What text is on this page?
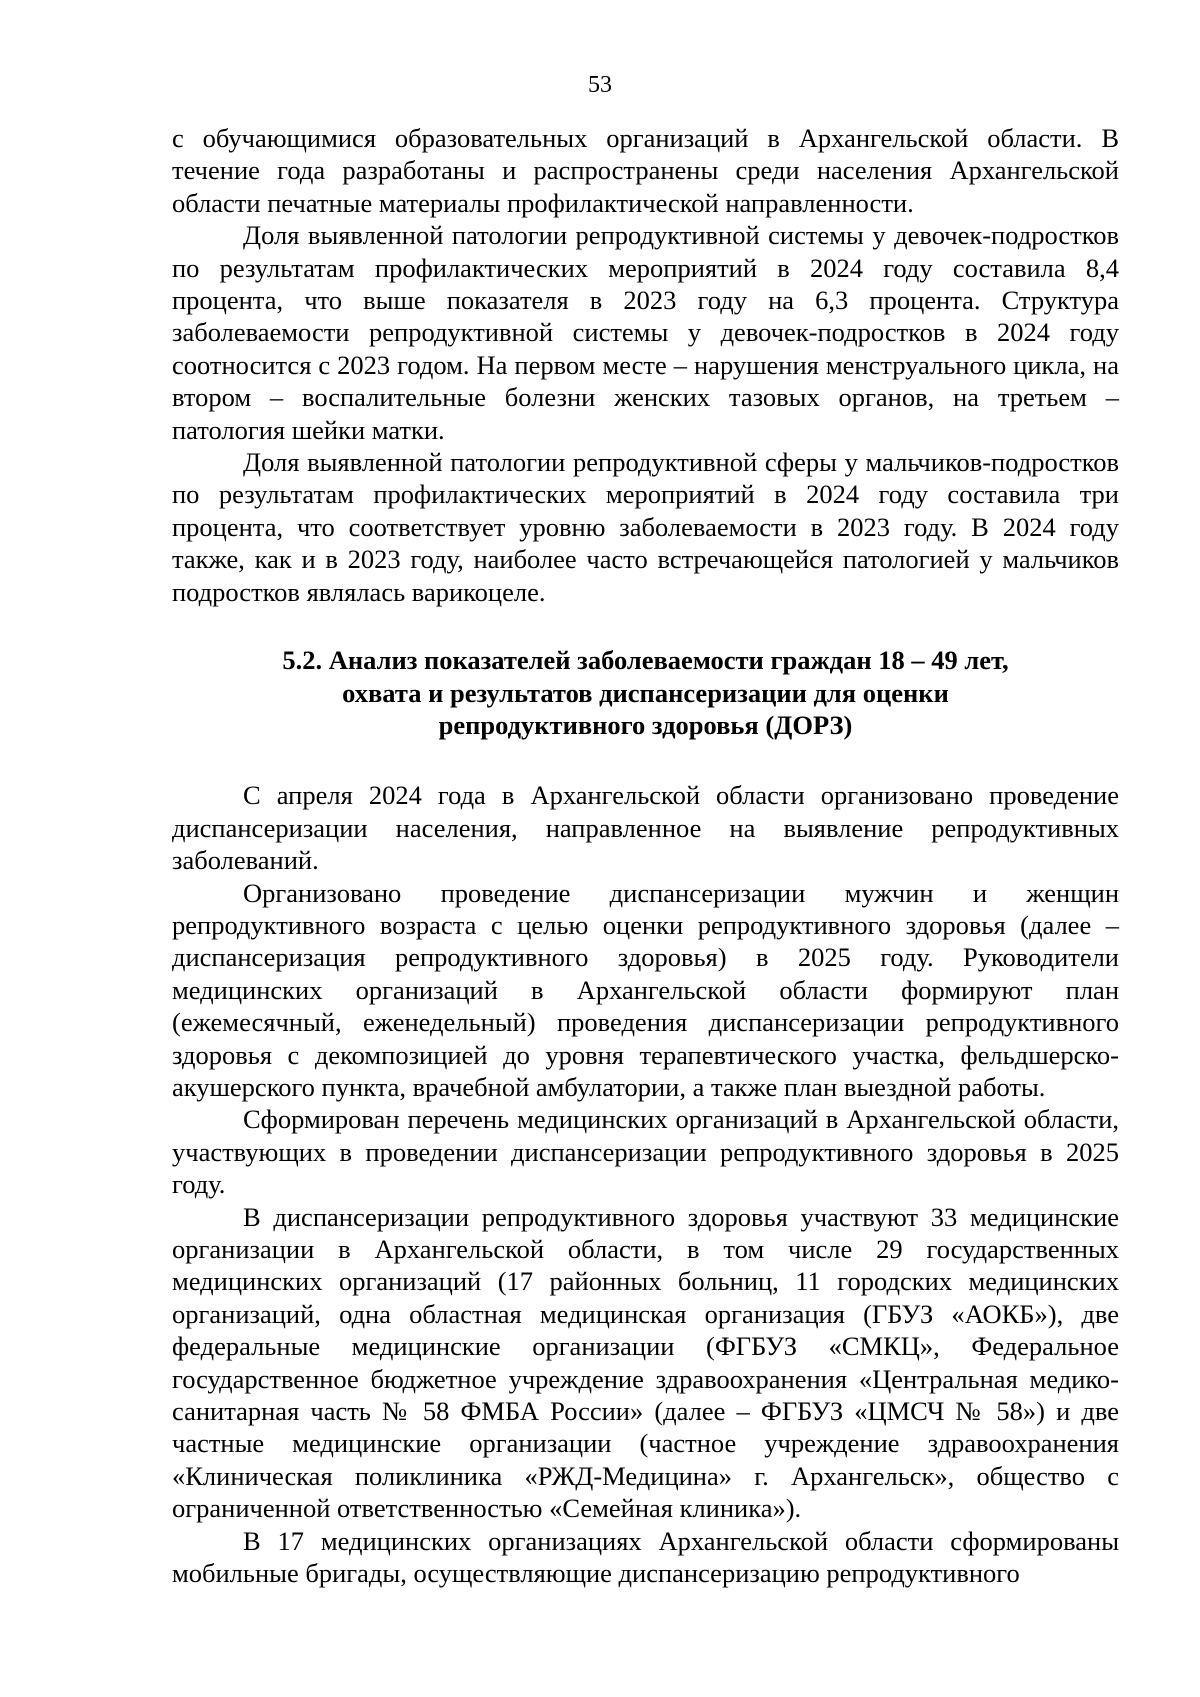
53

с обучающимися образовательных организаций в Архангельской области. В течение года разработаны и распространены среди населения Архангельской области печатные материалы профилактической направленности.

Доля выявленной патологии репродуктивной системы у девочек-подростков по результатам профилактических мероприятий в 2024 году составила 8,4 процента, что выше показателя в 2023 году на 6,3 процента. Структура заболеваемости репродуктивной системы у девочек-подростков в 2024 году соотносится с 2023 годом. На первом месте – нарушения менструального цикла, на втором – воспалительные болезни женских тазовых органов, на третьем – патология шейки матки.

Доля выявленной патологии репродуктивной сферы у мальчиков-подростков по результатам профилактических мероприятий в 2024 году составила три процента, что соответствует уровню заболеваемости в 2023 году. В 2024 году также, как и в 2023 году, наиболее часто встречающейся патологией у мальчиков подростков являлась варикоцеле.

5.2. Анализ показателей заболеваемости граждан 18 – 49 лет,
охвата и результатов диспансеризации для оценки
репродуктивного здоровья (ДОРЗ)

С апреля 2024 года в Архангельской области организовано проведение диспансеризации населения, направленное на выявление репродуктивных заболеваний.

Организовано проведение диспансеризации мужчин и женщин репродуктивного возраста с целью оценки репродуктивного здоровья (далее – диспансеризация репродуктивного здоровья) в 2025 году. Руководители медицинских организаций в Архангельской области формируют план (ежемесячный, еженедельный) проведения диспансеризации репродуктивного здоровья с декомпозицией до уровня терапевтического участка, фельдшерско-акушерского пункта, врачебной амбулатории, а также план выездной работы.

Сформирован перечень медицинских организаций в Архангельской области, участвующих в проведении диспансеризации репродуктивного здоровья в 2025 году.

В диспансеризации репродуктивного здоровья участвуют 33 медицинские организации в Архангельской области, в том числе 29 государственных медицинских организаций (17 районных больниц, 11 городских медицинских организаций, одна областная медицинская организация (ГБУЗ «АОКБ»), две федеральные медицинские организации (ФГБУЗ «СМКЦ», Федеральное государственное бюджетное учреждение здравоохранения «Центральная медико-санитарная часть № 58 ФМБА России» (далее – ФГБУЗ «ЦМСЧ № 58») и две частные медицинские организации (частное учреждение здравоохранения «Клиническая поликлиника «РЖД-Медицина» г. Архангельск», общество с ограниченной ответственностью «Семейная клиника»).

В 17 медицинских организациях Архангельской области сформированы мобильные бригады, осуществляющие диспансеризацию репродуктивного
